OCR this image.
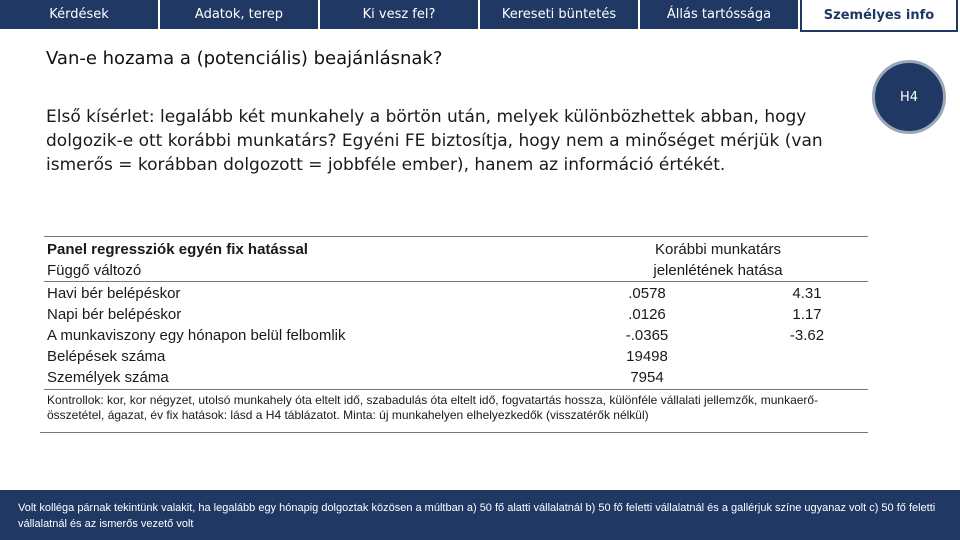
Kérdések	Adatok, terep	Ki vesz fel?	Kereseti büntetés	Állás tartóssága	Személyes info
Van-e hozama a (potenciális) beajánlásnak?
H4
Első kísérlet: legalább két munkahely a börtön után, melyek különbözhettek abban, hogy dolgozik-e ott korábbi munkatárs? Egyéni FE biztosítja, hogy nem a minőséget mérjük (van ismerős = korábban dolgozott = jobbféle ember), hanem az információ értékét.
Panel regressziók egyén fix hatással	Korábbi munkatárs
Függő változó	jelenlétének hatása
Havi bér belépéskor	.0578	4.31
Napi bér belépéskor	.0126	1.17
A munkaviszony egy hónapon belül felbomlik	-.0365	-3.62
Belépések száma	19498
Személyek száma	7954
Kontrollok: kor, kor négyzet, utolsó munkahely óta eltelt idő, szabadulás óta eltelt idő, fogvatartás hossza, különféle vállalati jellemzők, munkaerő-összetétel, ágazat, év fix hatások: lásd a H4 táblázatot. Minta: új munkahelyen elhelyezkedők (visszatérők nélkül)
Volt kolléga párnak tekintünk valakit, ha legalább egy hónapig dolgoztak közösen a múltban a) 50 fő alatti vállalatnál b) 50 fő feletti vállalatnál és a gallérjuk színe ugyanaz volt c) 50 fő feletti vállalatnál és az ismerős vezető volt
